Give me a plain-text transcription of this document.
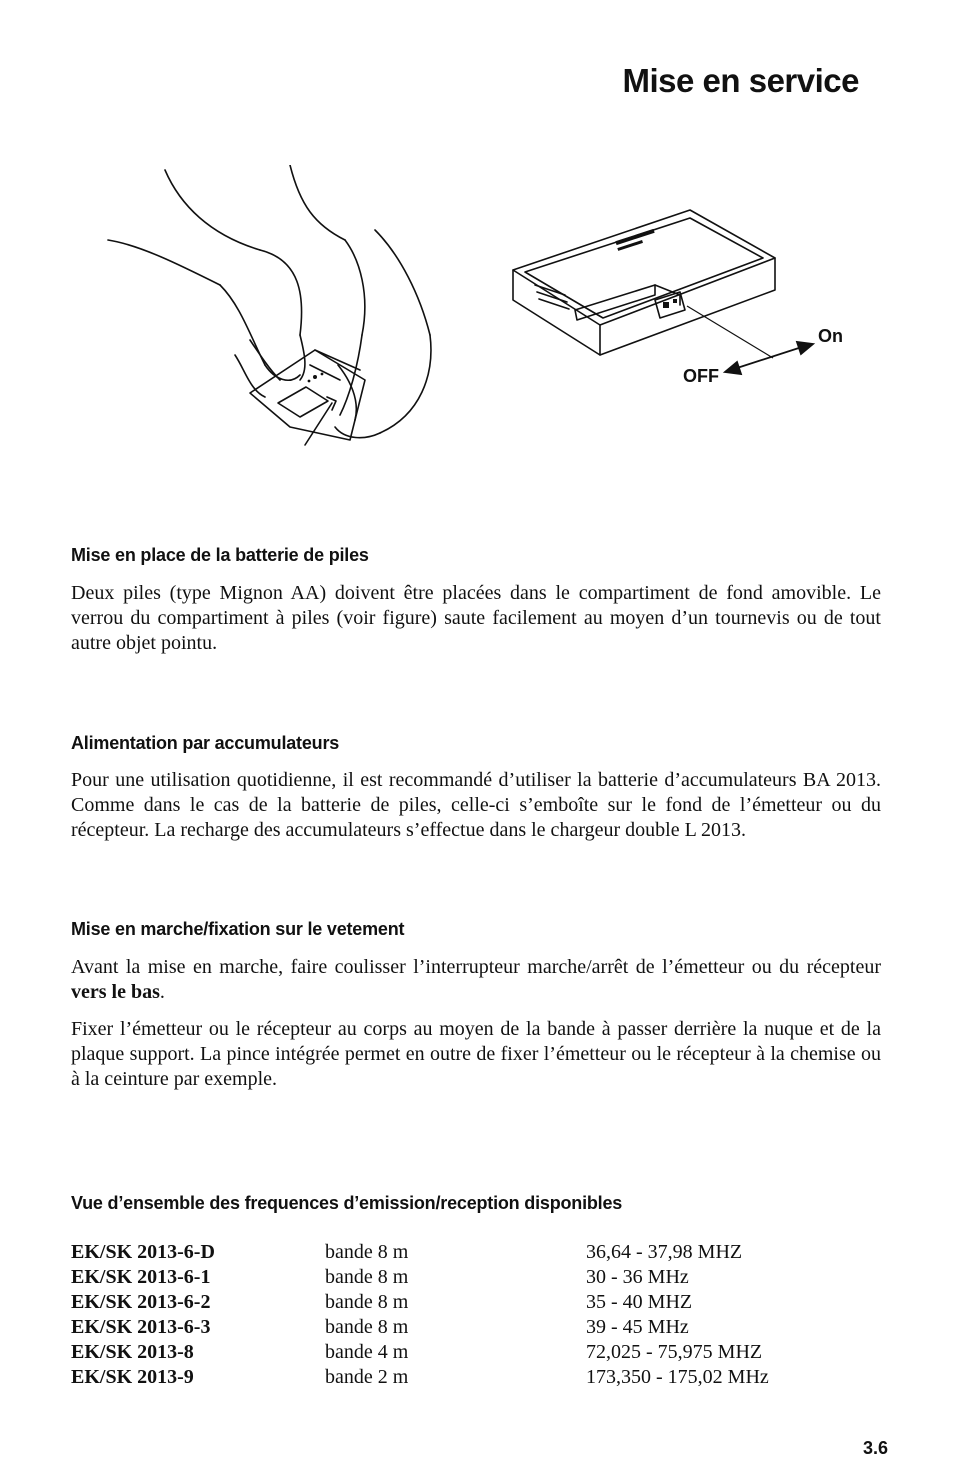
Mise en service
On
OFF
Mise en place de la batterie de piles

Deux piles (type Mignon AA) doivent être placées dans le compartiment de fond amovible. Le verrou du compartiment à piles (voir figure) saute facilement au moyen d’un tournevis ou de tout autre objet pointu.

Alimentation par accumulateurs

Pour une utilisation quotidienne, il est recommandé d’utiliser la batterie d’accumulateurs BA 2013. Comme dans le cas de la batterie de piles, celle-ci s’emboîte sur le fond de l’émetteur ou du récepteur. La recharge des accumulateurs s’effectue dans le chargeur double L 2013.

Mise en marche/fixation sur le vetement

Avant la mise en marche, faire coulisser l’interrupteur marche/arrêt de l’émetteur ou du récepteur vers le bas.

Fixer l’émetteur ou le récepteur au corps au moyen de la bande à passer derrière la nuque et de la plaque support. La pince intégrée permet en outre de fixer l’émetteur ou le récepteur à la chemise ou à la ceinture par exemple.

Vue d’ensemble des frequences d’emission/reception disponibles
EK/SK 2013-6-D	bande 8 m	36,64 - 37,98 MHZ
EK/SK 2013-6-1	bande 8 m	30 - 36 MHz
EK/SK 2013-6-2	bande 8 m	35 - 40 MHZ
EK/SK 2013-6-3	bande 8 m	39 - 45 MHz
EK/SK 2013-8	bande 4 m	72,025 - 75,975 MHZ
EK/SK 2013-9	bande 2 m	173,350 - 175,02 MHz
3.6
